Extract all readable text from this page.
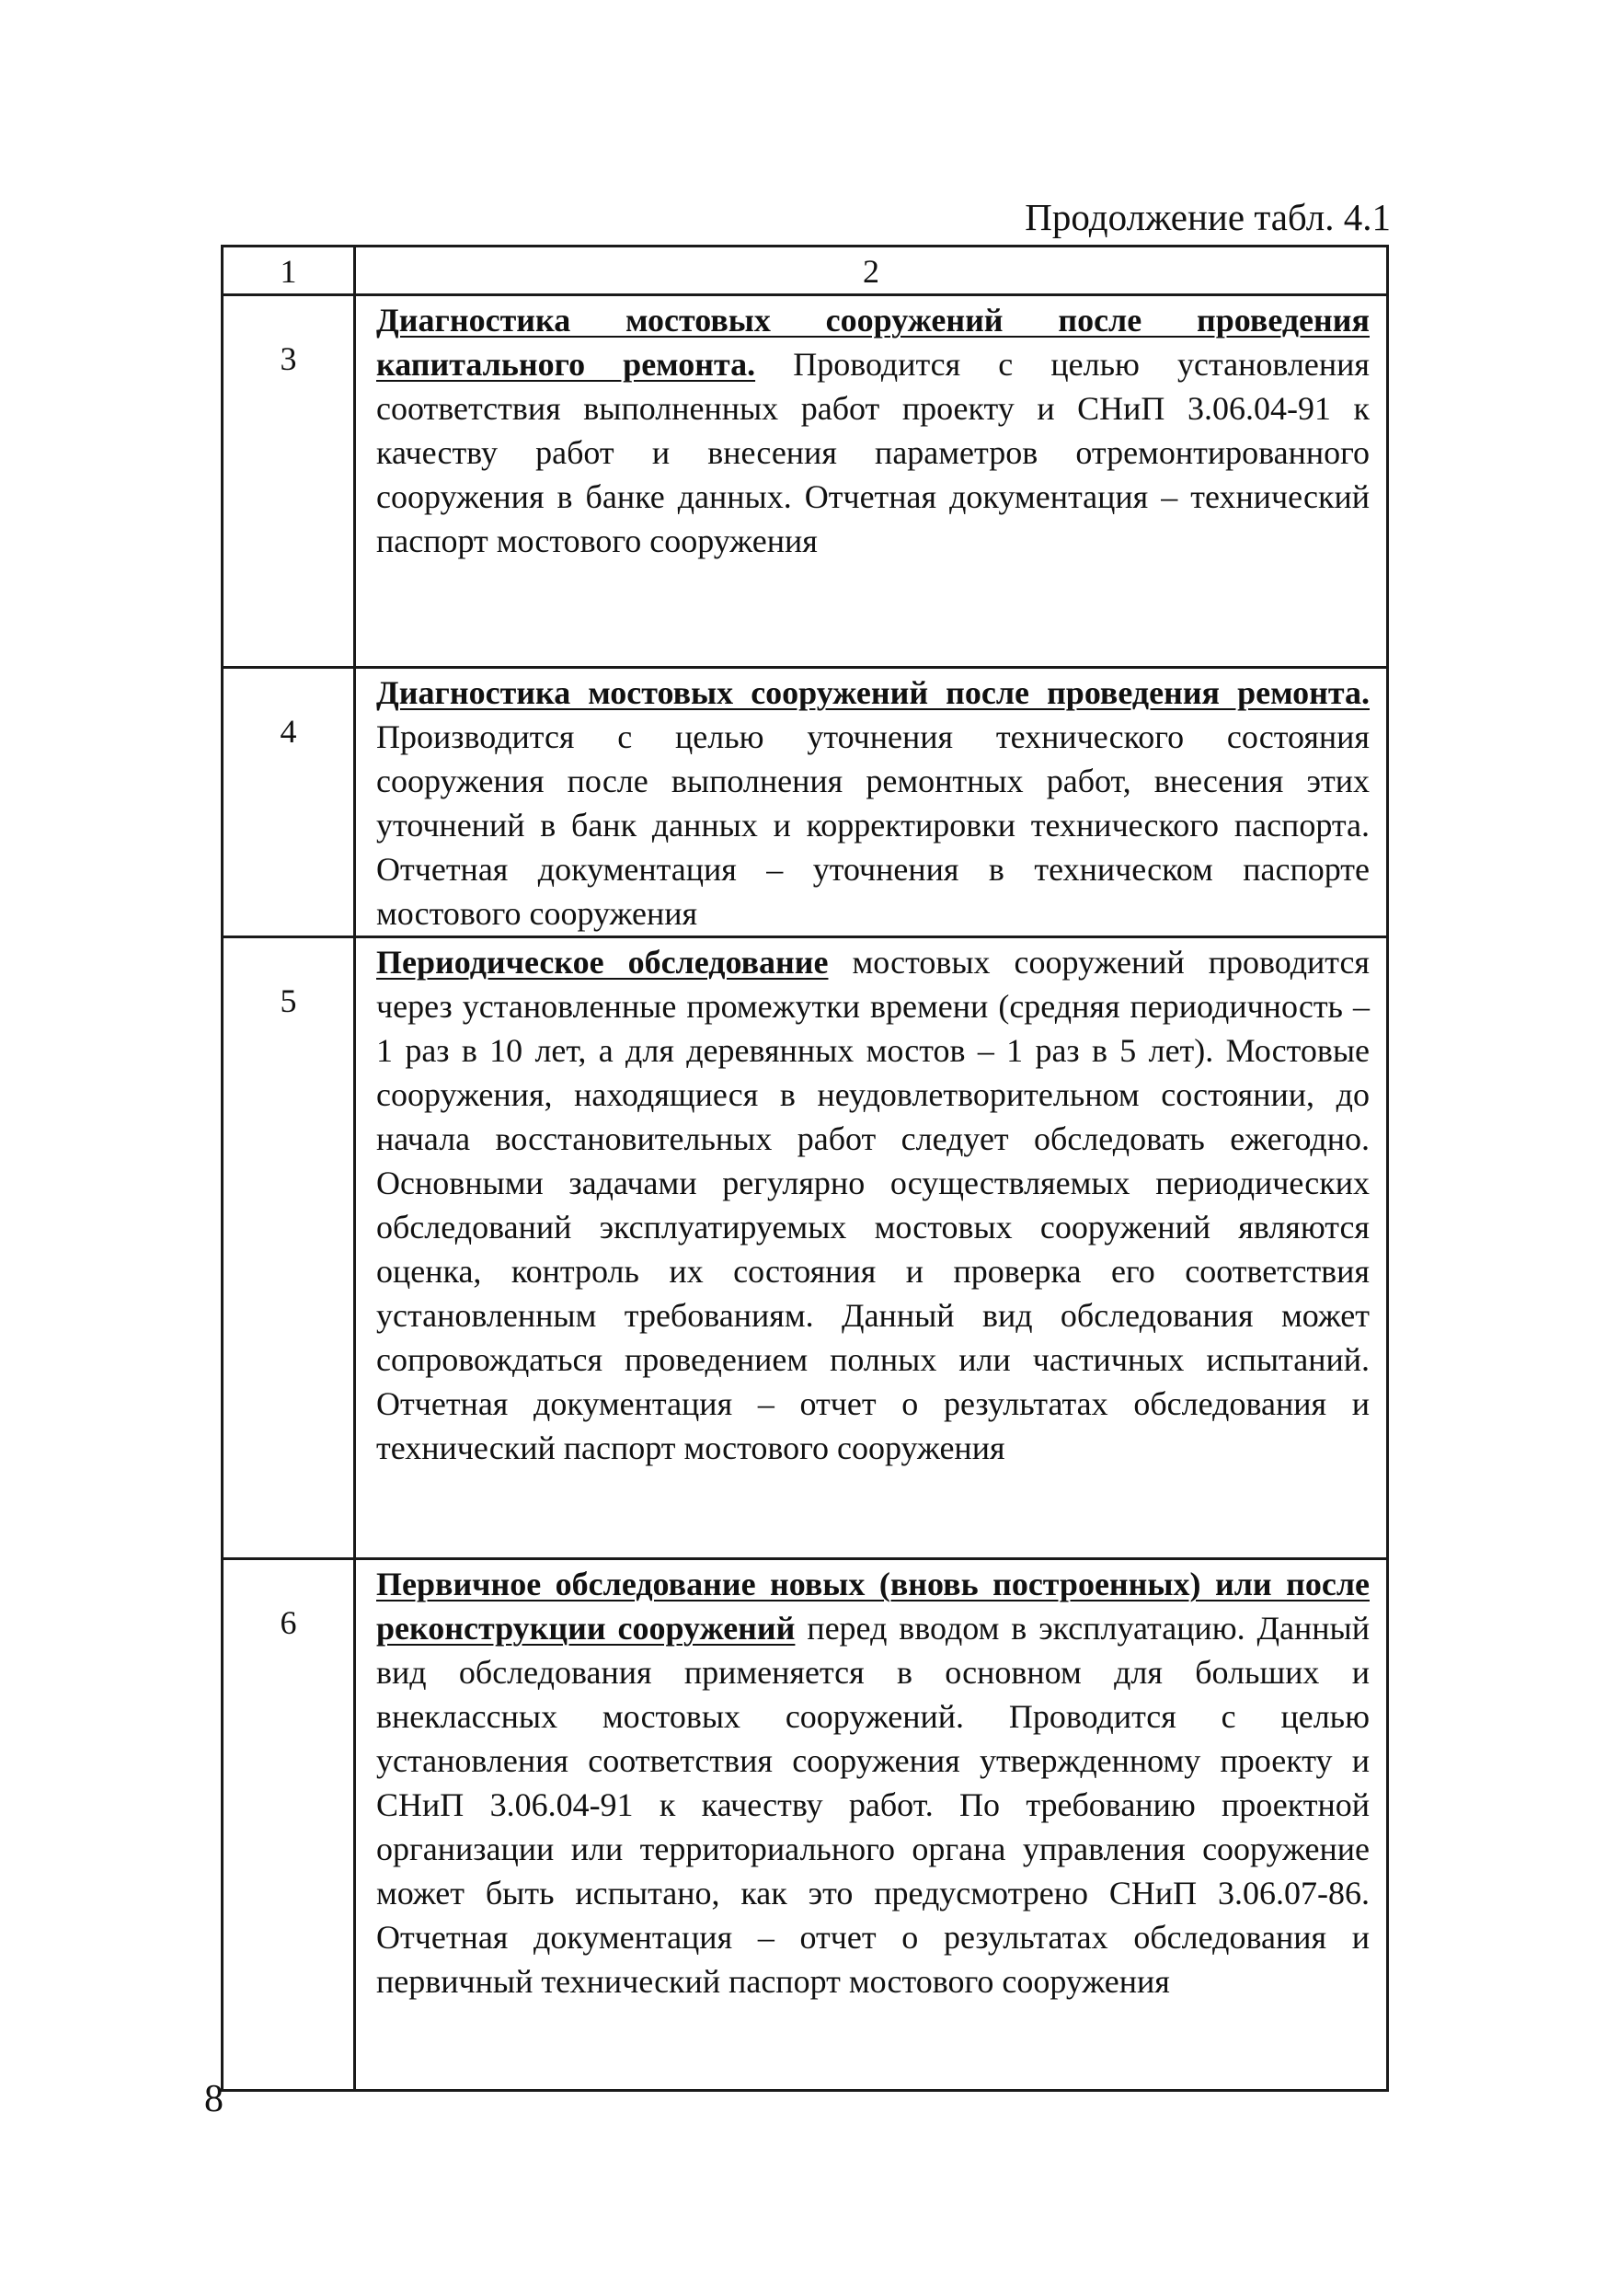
Продолжение табл. 4.1
1	2
3	Диагностика мостовых сооружений после проведения капитального ремонта. Проводится с целью установления соответствия выполненных работ проекту и СНиП 3.06.04-91 к качеству работ и внесения параметров отремонтированного сооружения в банке данных. Отчетная документация – технический паспорт мостового сооружения
4	Диагностика мостовых сооружений после проведения ремонта. Производится с целью уточнения технического состояния сооружения после выполнения ремонтных работ, внесения этих уточнений в банк данных и корректировки технического паспорта. Отчетная документация – уточнения в техническом паспорте мостового сооружения
5	Периодическое обследование мостовых сооружений проводится через установленные промежутки времени (средняя периодичность – 1 раз в 10 лет, а для деревянных мостов – 1 раз в 5 лет). Мостовые сооружения, находящиеся в неудовлетворительном состоянии, до начала восстановительных работ следует обследовать ежегодно. Основными задачами регулярно осуществляемых периодических обследований эксплуатируемых мостовых сооружений являются оценка, контроль их состояния и проверка его соответствия установленным требованиям. Данный вид обследования может сопровождаться проведением полных или частичных испытаний. Отчетная документация – отчет о результатах обследования и технический паспорт мостового сооружения
6	Первичное обследование новых (вновь построенных) или после реконструкции сооружений перед вводом в эксплуатацию. Данный вид обследования применяется в основном для больших и внеклассных мостовых сооружений. Проводится с целью установления соответствия сооружения утвержденному проекту и СНиП 3.06.04-91 к качеству работ. По требованию проектной организации или территориального органа управления сооружение может быть испытано, как это предусмотрено СНиП 3.06.07-86. Отчетная документация – отчет о результатах обследования и первичный технический паспорт мостового сооружения
8
